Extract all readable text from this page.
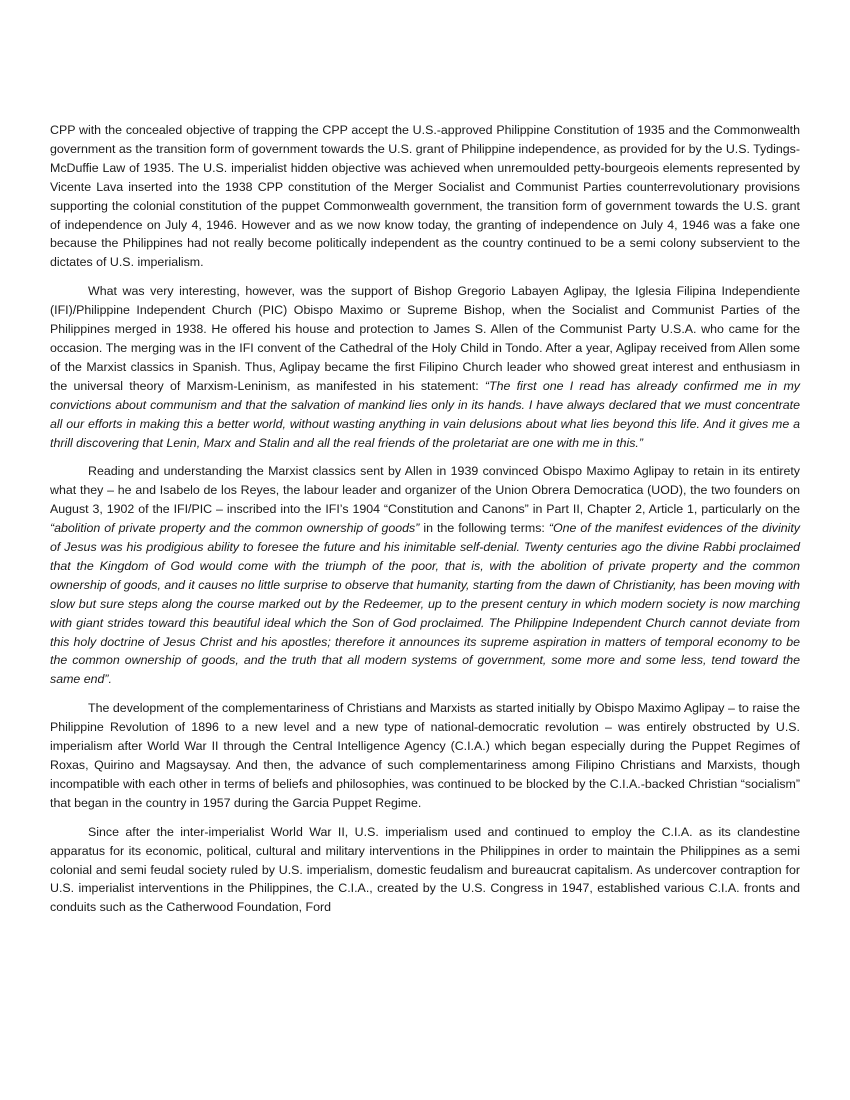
CPP with the concealed objective of trapping the CPP accept the U.S.-approved Philippine Constitution of 1935 and the Commonwealth government as the transition form of government towards the U.S. grant of Philippine independence, as provided for by the U.S. Tydings-McDuffie Law of 1935. The U.S. imperialist hidden objective was achieved when unremoulded petty-bourgeois elements represented by Vicente Lava inserted into the 1938 CPP constitution of the Merger Socialist and Communist Parties counterrevolutionary provisions supporting the colonial constitution of the puppet Commonwealth government, the transition form of government towards the U.S. grant of independence on July 4, 1946. However and as we now know today, the granting of independence on July 4, 1946 was a fake one because the Philippines had not really become politically independent as the country continued to be a semi colony subservient to the dictates of U.S. imperialism.

What was very interesting, however, was the support of Bishop Gregorio Labayen Aglipay, the Iglesia Filipina Independiente (IFI)/Philippine Independent Church (PIC) Obispo Maximo or Supreme Bishop, when the Socialist and Communist Parties of the Philippines merged in 1938. He offered his house and protection to James S. Allen of the Communist Party U.S.A. who came for the occasion. The merging was in the IFI convent of the Cathedral of the Holy Child in Tondo. After a year, Aglipay received from Allen some of the Marxist classics in Spanish. Thus, Aglipay became the first Filipino Church leader who showed great interest and enthusiasm in the universal theory of Marxism-Leninism, as manifested in his statement: “The first one I read has already confirmed me in my convictions about communism and that the salvation of mankind lies only in its hands. I have always declared that we must concentrate all our efforts in making this a better world, without wasting anything in vain delusions about what lies beyond this life. And it gives me a thrill discovering that Lenin, Marx and Stalin and all the real friends of the proletariat are one with me in this.”

Reading and understanding the Marxist classics sent by Allen in 1939 convinced Obispo Maximo Aglipay to retain in its entirety what they – he and Isabelo de los Reyes, the labour leader and organizer of the Union Obrera Democratica (UOD), the two founders on August 3, 1902 of the IFI/PIC – inscribed into the IFI’s 1904 “Constitution and Canons” in Part II, Chapter 2, Article 1, particularly on the “abolition of private property and the common ownership of goods” in the following terms: “One of the manifest evidences of the divinity of Jesus was his prodigious ability to foresee the future and his inimitable self-denial. Twenty centuries ago the divine Rabbi proclaimed that the Kingdom of God would come with the triumph of the poor, that is, with the abolition of private property and the common ownership of goods, and it causes no little surprise to observe that humanity, starting from the dawn of Christianity, has been moving with slow but sure steps along the course marked out by the Redeemer, up to the present century in which modern society is now marching with giant strides toward this beautiful ideal which the Son of God proclaimed. The Philippine Independent Church cannot deviate from this holy doctrine of Jesus Christ and his apostles; therefore it announces its supreme aspiration in matters of temporal economy to be the common ownership of goods, and the truth that all modern systems of government, some more and some less, tend toward the same end”.

The development of the complementariness of Christians and Marxists as started initially by Obispo Maximo Aglipay – to raise the Philippine Revolution of 1896 to a new level and a new type of national-democratic revolution – was entirely obstructed by U.S. imperialism after World War II through the Central Intelligence Agency (C.I.A.) which began especially during the Puppet Regimes of Roxas, Quirino and Magsaysay. And then, the advance of such complementariness among Filipino Christians and Marxists, though incompatible with each other in terms of beliefs and philosophies, was continued to be blocked by the C.I.A.-backed Christian “socialism” that began in the country in 1957 during the Garcia Puppet Regime.

Since after the inter-imperialist World War II, U.S. imperialism used and continued to employ the C.I.A. as its clandestine apparatus for its economic, political, cultural and military interventions in the Philippines in order to maintain the Philippines as a semi colonial and semi feudal society ruled by U.S. imperialism, domestic feudalism and bureaucrat capitalism. As undercover contraption for U.S. imperialist interventions in the Philippines, the C.I.A., created by the U.S. Congress in 1947, established various C.I.A. fronts and conduits such as the Catherwood Foundation, Ford
